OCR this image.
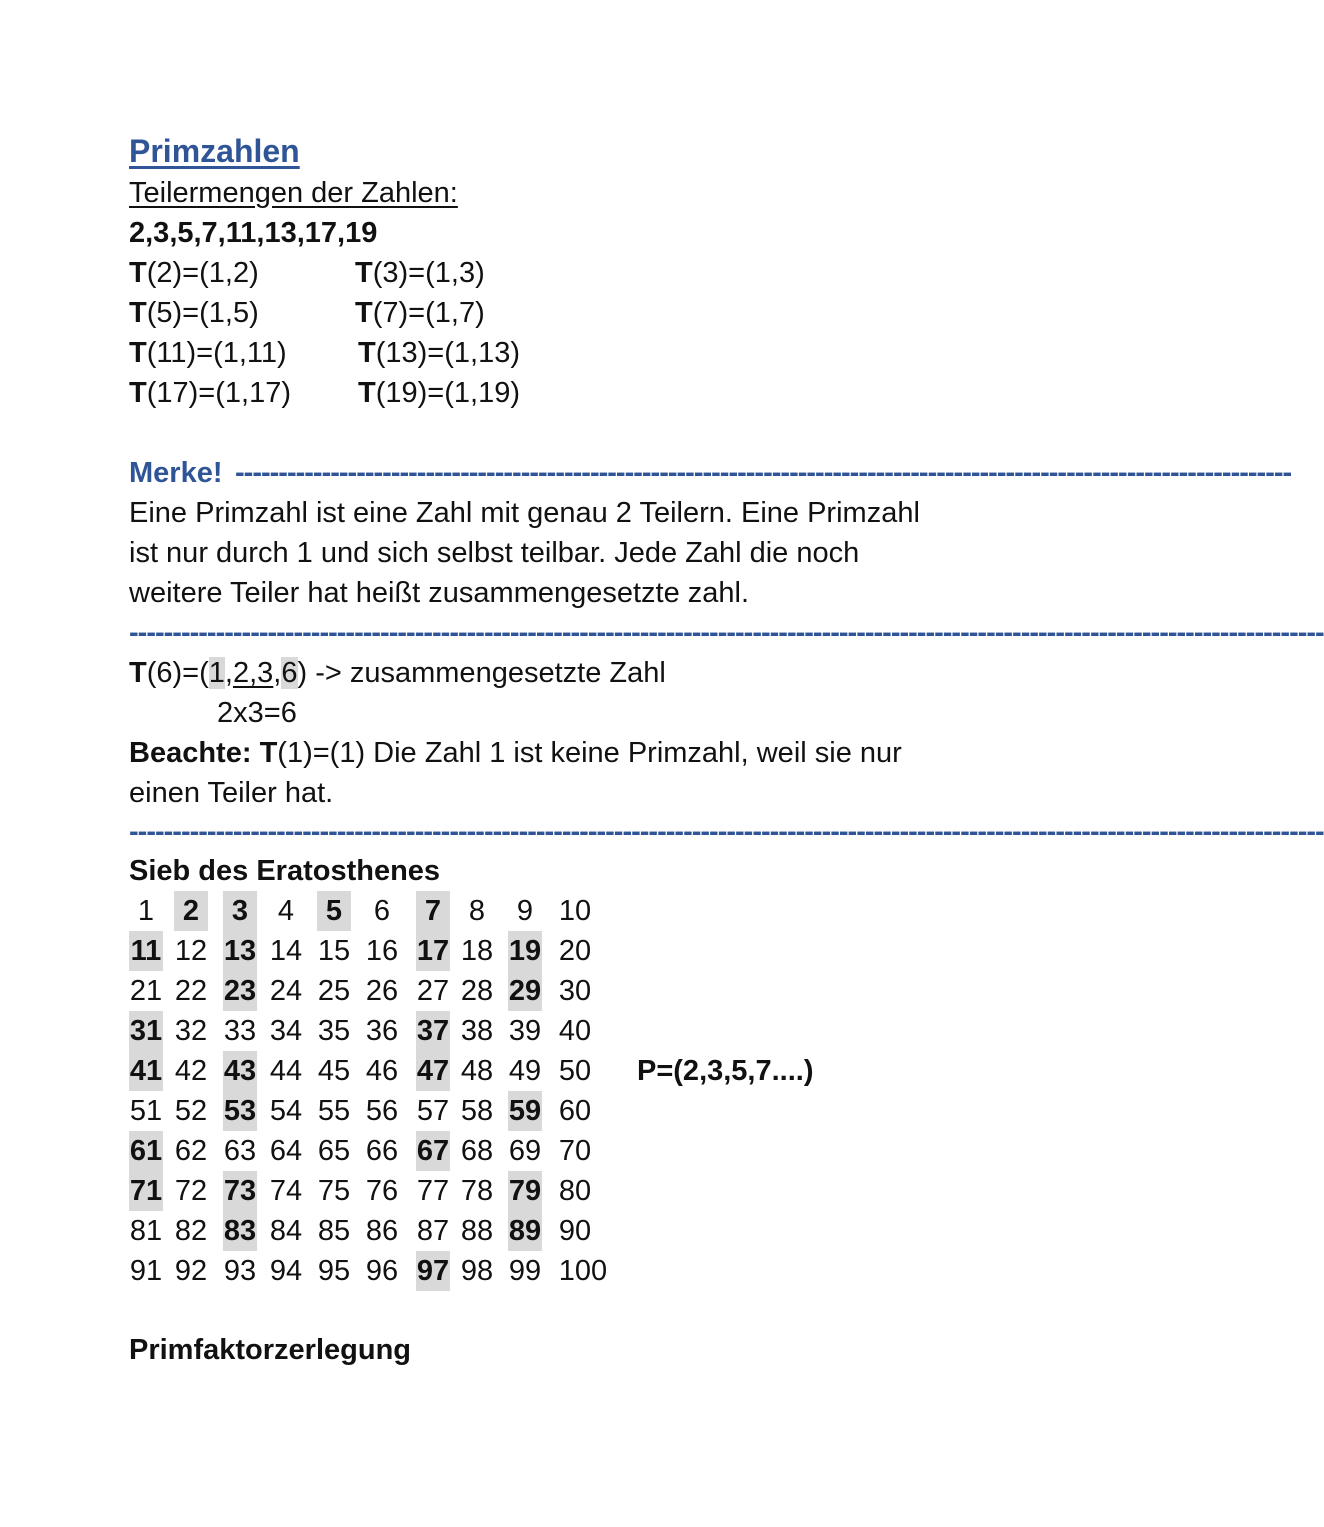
Primzahlen
Teilermengen der Zahlen:
2,3,5,7,11,13,17,19
T(2)=(1,2)	T(3)=(1,3)
T(5)=(1,5)	T(7)=(1,7)
T(11)=(1,11) T(13)=(1,13)
T(17)=(1,17) T(19)=(1,19)
Merke! --------------------------------------------------------------------------------------------------------------------------
Eine Primzahl ist eine Zahl mit genau 2 Teilern. Eine Primzahl
ist nur durch 1 und sich selbst teilbar. Jede Zahl die noch
weitere Teiler hat heißt zusammengesetzte zahl.
------------------------------------------------------------------------------------------------------------------------------------------
T(6)=(1,2,3,6) -> zusammengesetzte Zahl
2x3=6
Beachte: T(1)=(1) Die Zahl 1 ist keine Primzahl, weil sie nur
einen Teiler hat.
------------------------------------------------------------------------------------------------------------------------------------------
Sieb des Eratosthenes
1 2	3	4	5	6	7 8	9 10
11 12 13 14 15 16 17 18 19 20
21 22 23 24 25 26 27 28 29 30
31 32 33 34 35 36 37 38 39 40
41 42 43 44 45 46 47 48 49 50
51 52 53 54 55 56 57 58 59 60
61 62 63 64 65 66 67 68 69 70
71 72 73 74 75 76 77 78 79 80
81 82 83 84 85 86 87 88 89 90
91 92 93 94 95 96 97 98 99 100
P=(2,3,5,7....)
Primfaktorzerlegung
